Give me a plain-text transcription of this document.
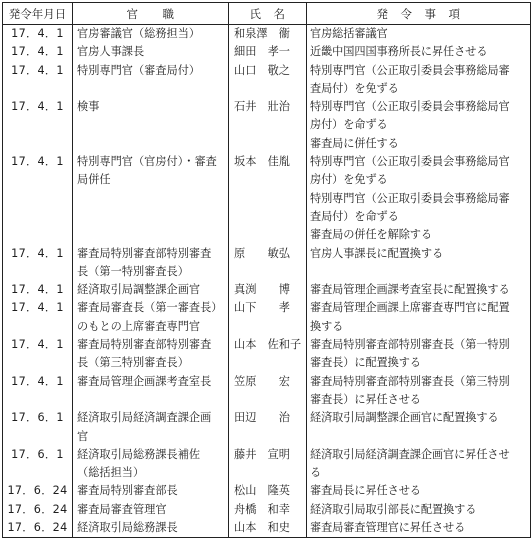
発令年月日	官　　職	氏　名	発　令　事　項
17．4．1	官房審議官（総務担当）	和泉澤　衞	官房総括審議官
17．4．1	官房人事課長	細田　孝一	近畿中国四国事務所長に昇任させる
17．4．1	特別専門官（審査局付）	山口　敬之	特別専門官（公正取引委員会事務総局審
査局付）を免ずる
17．4．1	検事	石井　壯治	特別専門官（公正取引委員会事務総局官
房付）を命ずる
審査局に併任する
17．4．1	特別専門官（官房付）・審査
局併任	坂本　佳胤	特別専門官（公正取引委員会事務総局官
房付）を免ずる
特別専門官（公正取引委員会事務総局審
査局付）を命ずる
審査局の併任を解除する
17．4．1	審査局特別審査部特別審査
長（第一特別審査長）	原　　敏弘	官房人事課長に配置換する
17．4．1	経済取引局調整課企画官	真渕　　博	審査局管理企画課考査室長に配置換する
17．4．1	審査局審査長（第一審査長）
のもとの上席審査専門官	山下　　孝	審査局管理企画課上席審査専門官に配置
換する
17．4．1	審査局特別審査部特別審査
長（第三特別審査長）	山本　佐和子	審査局特別審査部特別審査長（第一特別
審査長）に配置換する
17．4．1	審査局管理企画課考査室長	笠原　　宏	審査局特別審査部特別審査長（第三特別
審査長）に昇任させる
17．6．1	経済取引局経済調査課企画
官	田辺　　治	経済取引局調整課企画官に配置換する
17．6．1	経済取引局総務課長補佐
（総括担当）	藤井　宣明	経済取引局経済調査課企画官に昇任させ
る
17．6．24	審査局特別審査部長	松山　隆英	審査局長に昇任させる
17．6．24	審査局審査管理官	舟橋　和幸	経済取引局取引部長に配置換する
17．6．24	経済取引局総務課長	山本　和史	審査局審査管理官に昇任させる
